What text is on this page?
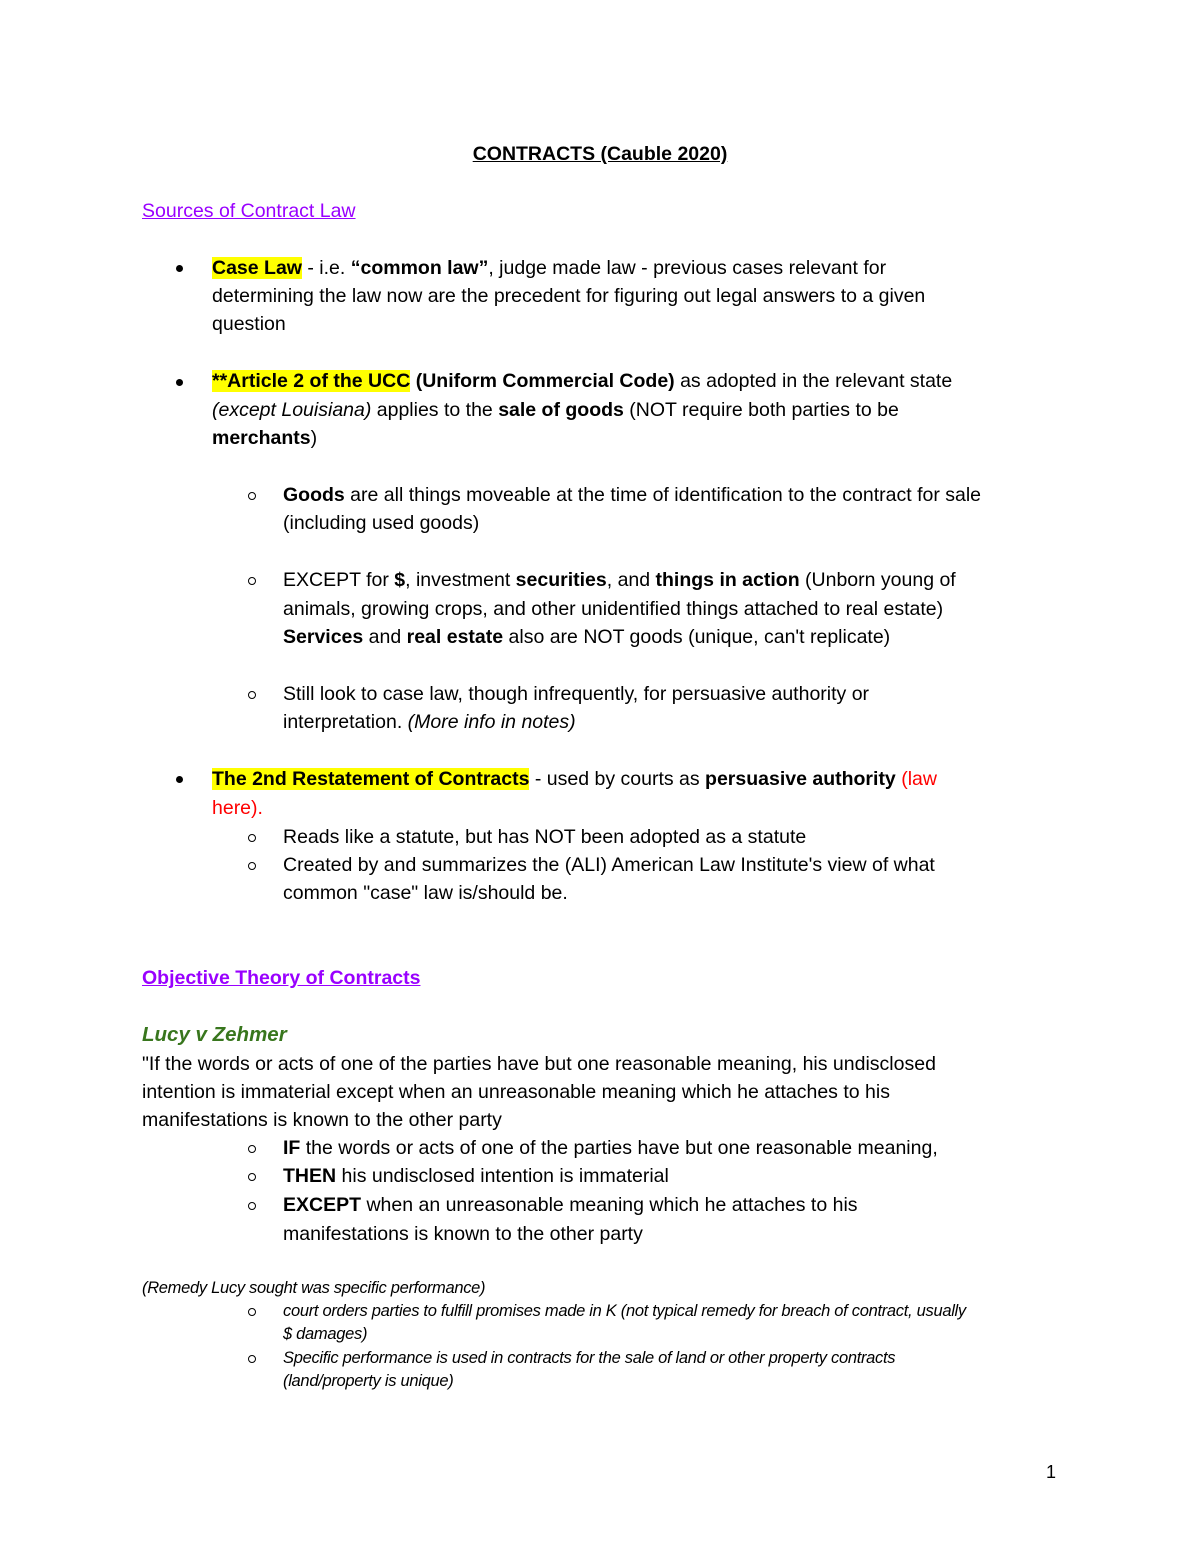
CONTRACTS (Cauble 2020)
Sources of Contract Law
Case Law - i.e. “common law”, judge made law - previous cases relevant for
determining the law now are the precedent for figuring out legal answers to a given
question
**Article 2 of the UCC (Uniform Commercial Code) as adopted in the relevant state
(except Louisiana) applies to the sale of goods (NOT require both parties to be
merchants)
Goods are all things moveable at the time of identification to the contract for sale
(including used goods)
EXCEPT for $, investment securities, and things in action (Unborn young of
animals, growing crops, and other unidentified things attached to real estate)
Services and real estate also are NOT goods (unique, can't replicate)
Still look to case law, though infrequently, for persuasive authority or
interpretation. (More info in notes)
The 2nd Restatement of Contracts - used by courts as persuasive authority (law
here).
Reads like a statute, but has NOT been adopted as a statute
Created by and summarizes the (ALI) American Law Institute's view of what
common "case" law is/should be.
Objective Theory of Contracts
Lucy v Zehmer
"If the words or acts of one of the parties have but one reasonable meaning, his undisclosed
intention is immaterial except when an unreasonable meaning which he attaches to his
manifestations is known to the other party
IF the words or acts of one of the parties have but one reasonable meaning,
THEN his undisclosed intention is immaterial
EXCEPT when an unreasonable meaning which he attaches to his
manifestations is known to the other party
(Remedy Lucy sought was specific performance)
court orders parties to fulfill promises made in K (not typical remedy for breach of contract, usually
$ damages)
Specific performance is used in contracts for the sale of land or other property contracts
(land/property is unique)
1
